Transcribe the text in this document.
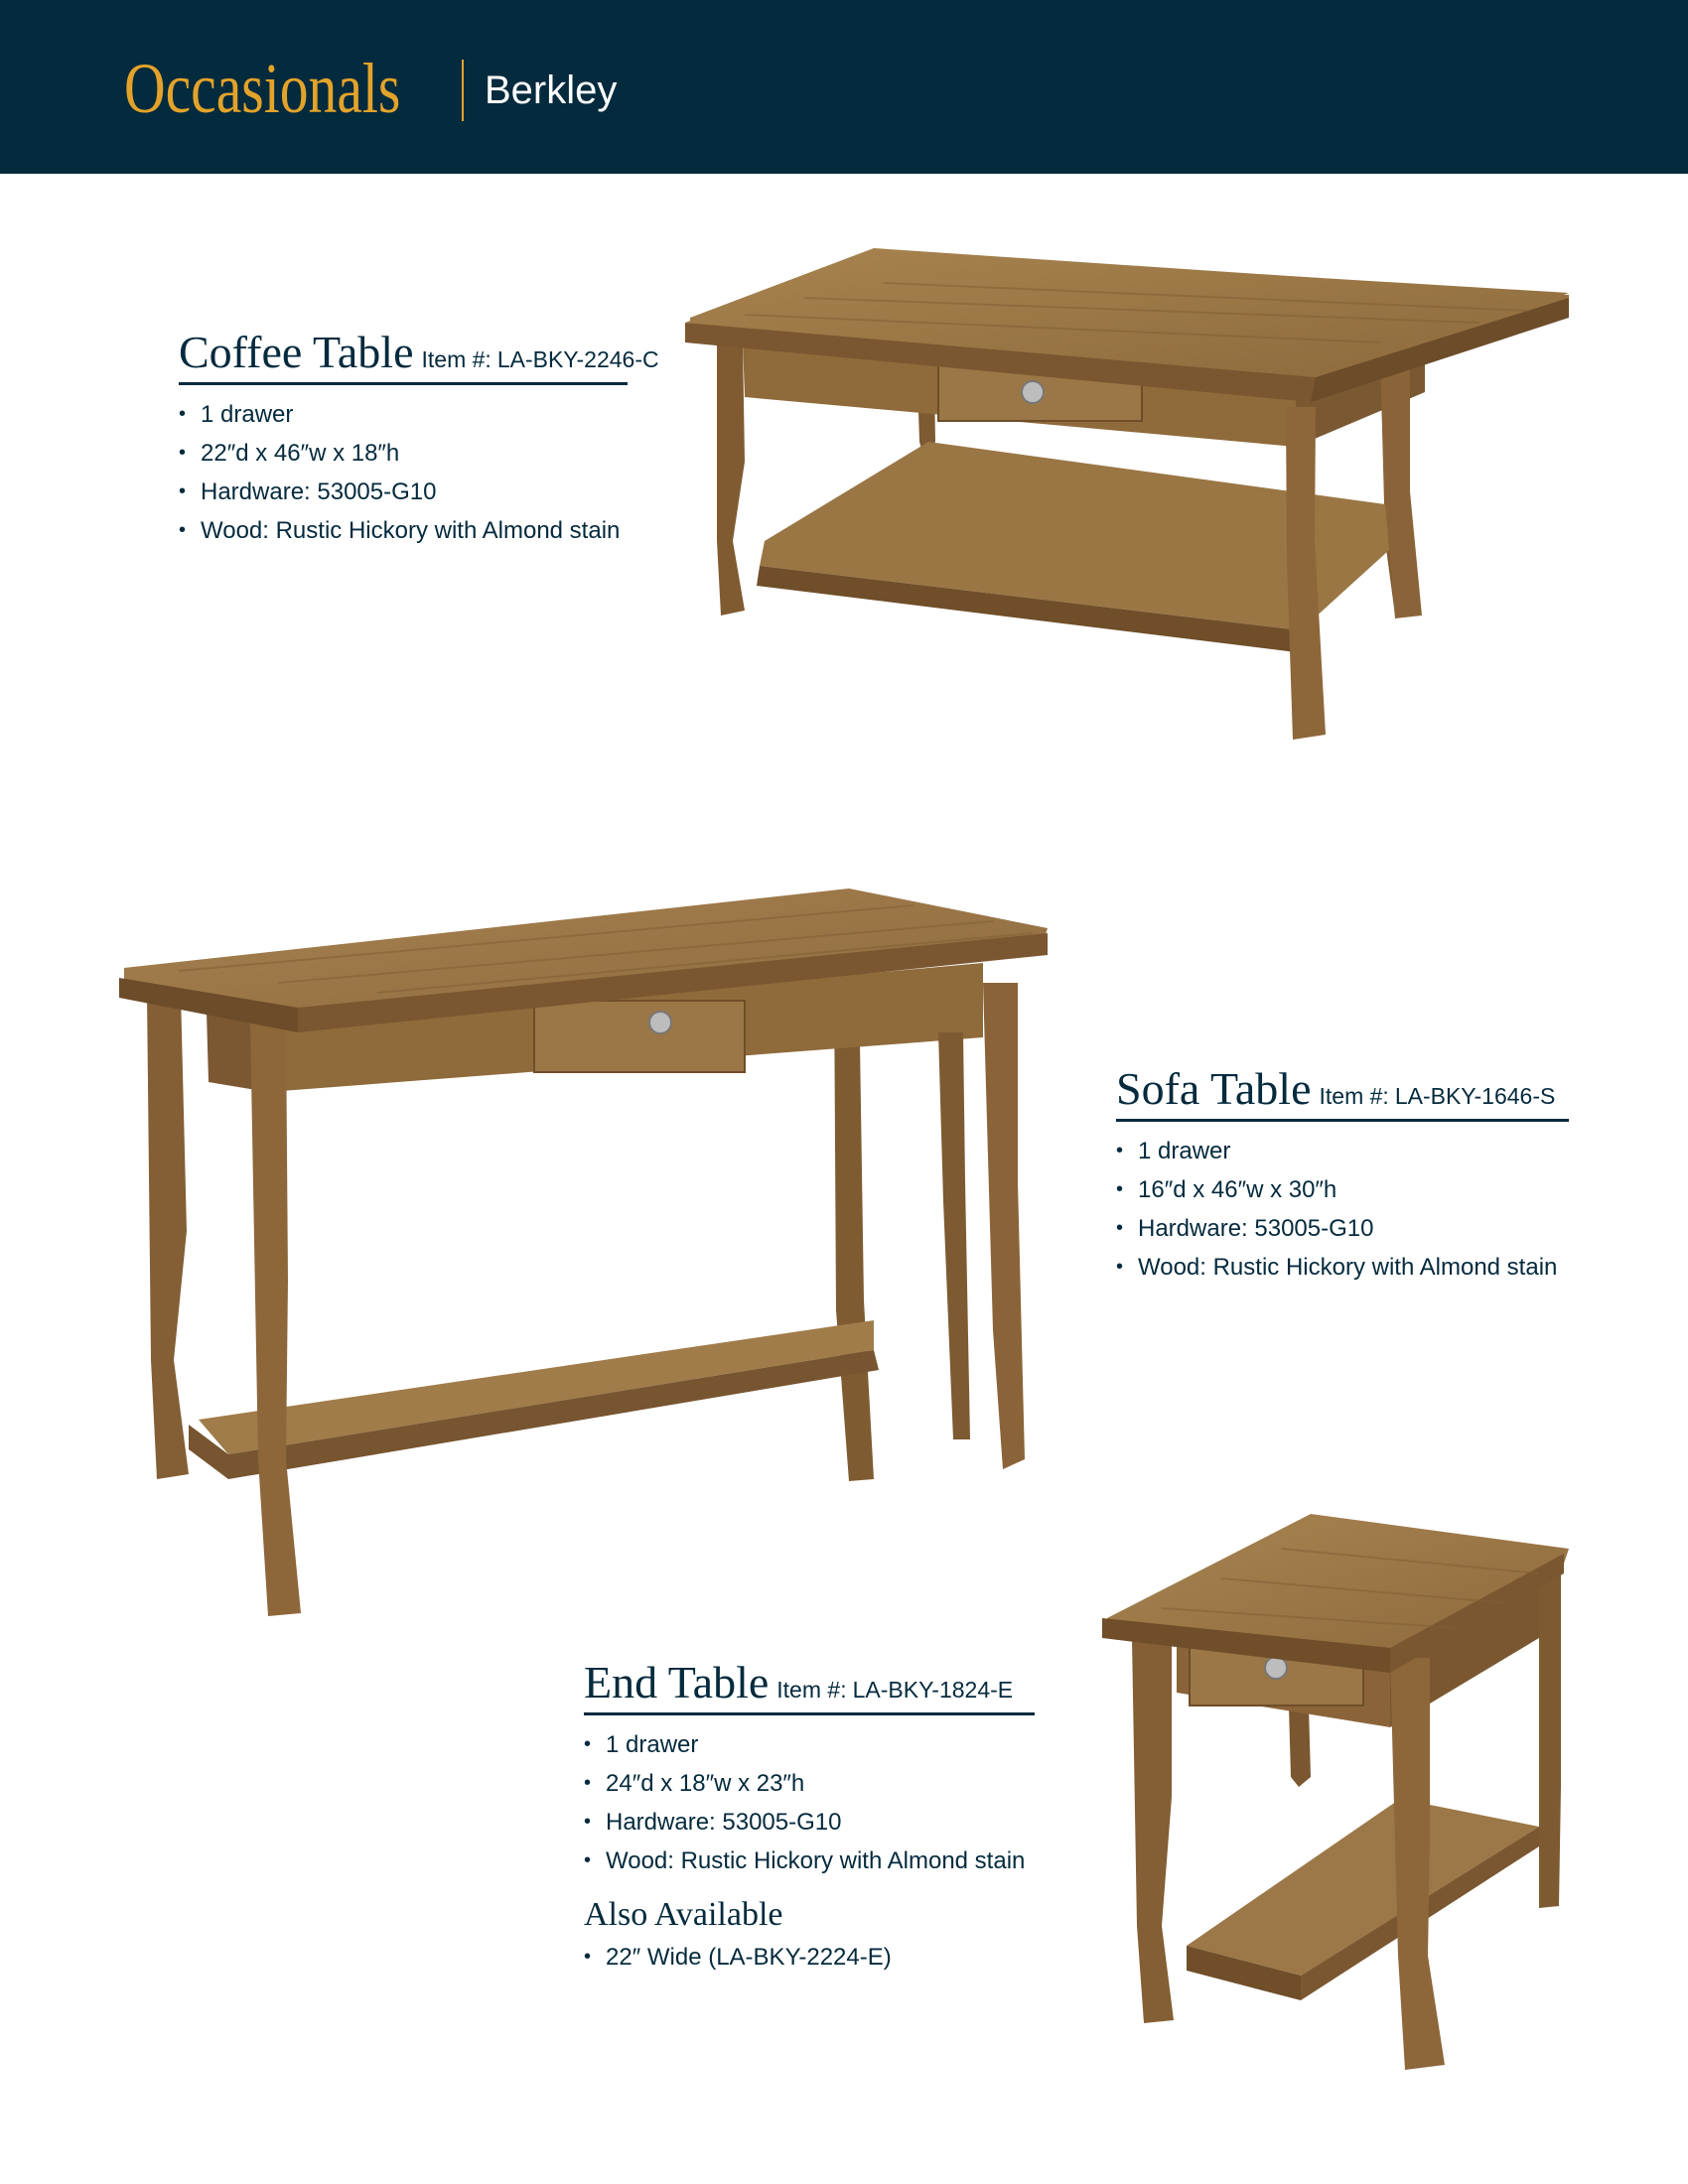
Occasionals Berkley
Coffee Table Item #: LA-BKY-2246-C
• 1 drawer
• 22″d x 46″w x 18″h
• Hardware: 53005-G10
• Wood: Rustic Hickory with Almond stain
Sofa Table Item #: LA-BKY-1646-S
• 1 drawer
• 16″d x 46″w x 30″h
• Hardware: 53005-G10
• Wood: Rustic Hickory with Almond stain
End Table Item #: LA-BKY-1824-E
• 1 drawer
• 24″d x 18″w x 23″h
• Hardware: 53005-G10
• Wood: Rustic Hickory with Almond stain
Also Available
• 22″ Wide (LA-BKY-2224-E)
